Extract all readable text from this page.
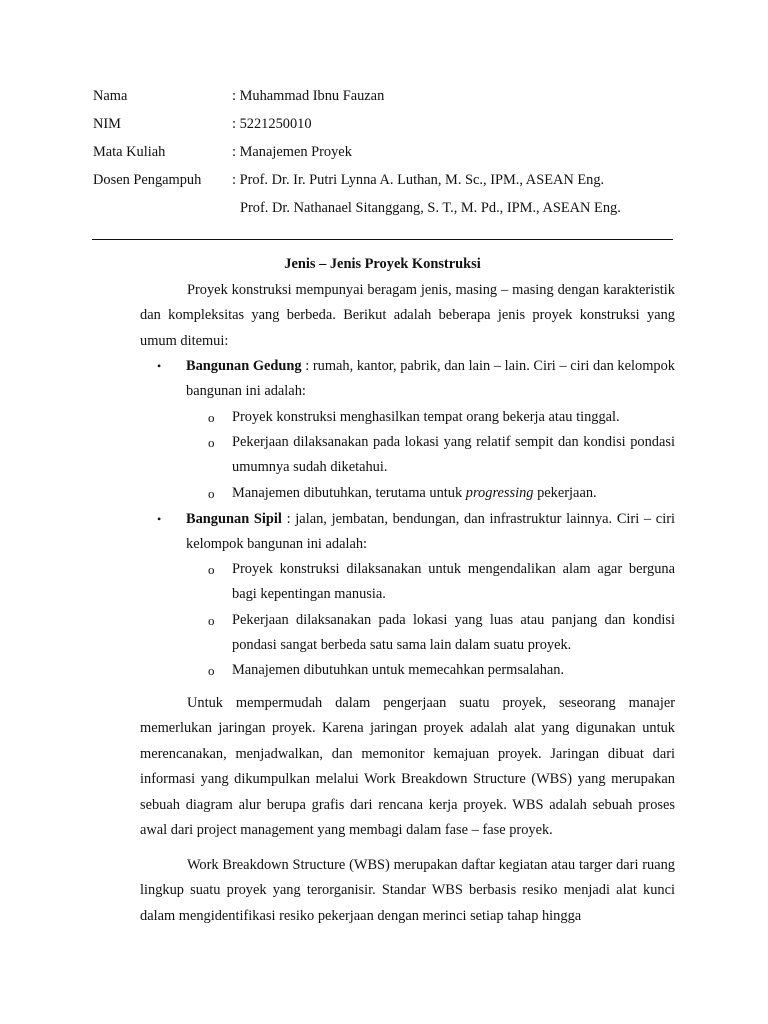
Nama	: Muhammad Ibnu Fauzan
NIM	: 5221250010
Mata Kuliah	: Manajemen Proyek
Dosen Pengampuh : Prof. Dr. Ir. Putri Lynna A. Luthan, M. Sc., IPM., ASEAN Eng.
Prof. Dr. Nathanael Sitanggang, S. T., M. Pd., IPM., ASEAN Eng.
Jenis – Jenis Proyek Konstruksi
Proyek konstruksi mempunyai beragam jenis, masing – masing dengan karakteristik dan kompleksitas yang berbeda. Berikut adalah beberapa jenis proyek konstruksi yang umum ditemui:
•	Bangunan Gedung : rumah, kantor, pabrik, dan lain – lain. Ciri – ciri dan kelompok bangunan ini adalah:
o	Proyek konstruksi menghasilkan tempat orang bekerja atau tinggal.
o	Pekerjaan dilaksanakan pada lokasi yang relatif sempit dan kondisi pondasi umumnya sudah diketahui.
o	Manajemen dibutuhkan, terutama untuk progressing pekerjaan.
•	Bangunan Sipil : jalan, jembatan, bendungan, dan infrastruktur lainnya. Ciri – ciri kelompok bangunan ini adalah:
o	Proyek konstruksi dilaksanakan untuk mengendalikan alam agar berguna bagi kepentingan manusia.
o	Pekerjaan dilaksanakan pada lokasi yang luas atau panjang dan kondisi pondasi sangat berbeda satu sama lain dalam suatu proyek.
o	Manajemen dibutuhkan untuk memecahkan permsalahan.
Untuk mempermudah dalam pengerjaan suatu proyek, seseorang manajer memerlukan jaringan proyek. Karena jaringan proyek adalah alat yang digunakan untuk merencanakan, menjadwalkan, dan memonitor kemajuan proyek. Jaringan dibuat dari informasi yang dikumpulkan melalui Work Breakdown Structure (WBS) yang merupakan sebuah diagram alur berupa grafis dari rencana kerja proyek. WBS adalah sebuah proses awal dari project management yang membagi dalam fase – fase proyek.
Work Breakdown Structure (WBS) merupakan daftar kegiatan atau targer dari ruang lingkup suatu proyek yang terorganisir. Standar WBS berbasis resiko menjadi alat kunci dalam mengidentifikasi resiko pekerjaan dengan merinci setiap tahap hingga
